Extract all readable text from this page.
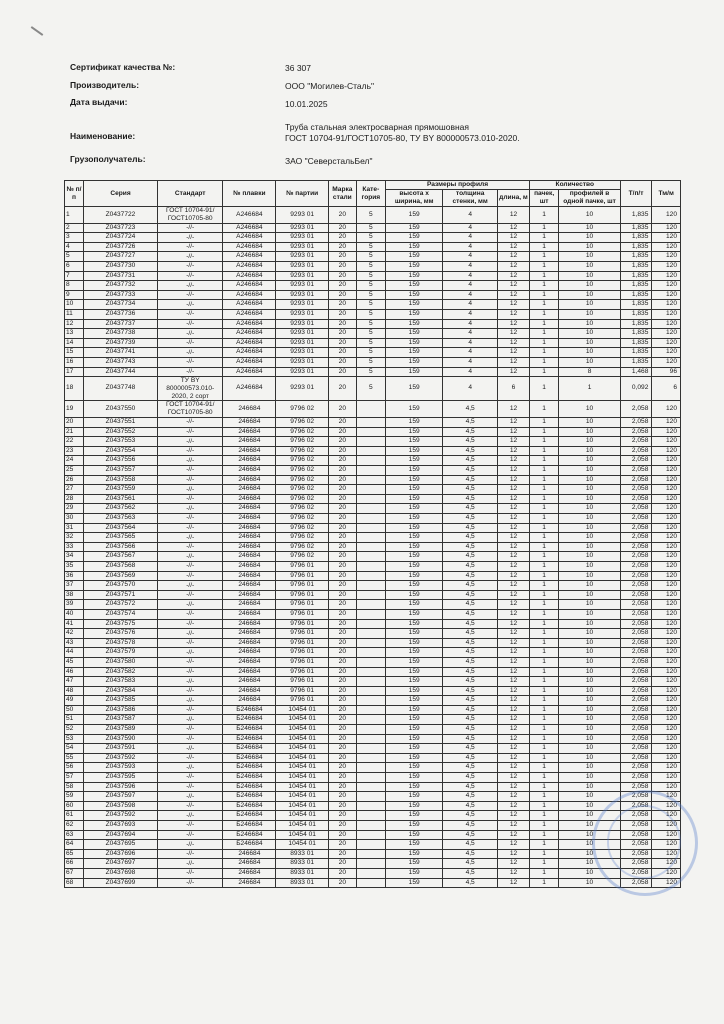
Сертификат качества №:	36 307
Производитель:	ООО "Могилев-Сталь"
Дата выдачи:	10.01.2025
Наименование:
Труба стальная электросварная прямошовная
ГОСТ 10704-91/ГОСТ10705-80, ТУ BY 800000573.010-2020.
Грузополучатель:	ЗАО "СеверстальБел"
№ п/п	Серия	Стандарт	№ плавки	№ партии	Марка стали	Кате-гория	Размеры профиля			Количество		Т/п/т	Тм/м
							высота х ширина, мм	толщина стенки, мм	длина, м	пачек, шт	профилей в одной пачке, шт		
1	Z0437722	ГОСТ 10704-91/ГОСТ10705-80	A246684	9293 01	20	5	159	4	12	1	10	1,835	120
2	Z0437723	-//-	A246684	9293 01	20	5	159	4	12	1	10	1,835	120
3	Z0437724	-//-	A246684	9293 01	20	5	159	4	12	1	10	1,835	120
4	Z0437726	-//-	A246684	9293 01	20	5	159	4	12	1	10	1,835	120
5	Z0437727	-//-	A246684	9293 01	20	5	159	4	12	1	10	1,835	120
6	Z0437730	-//-	A246684	9293 01	20	5	159	4	12	1	10	1,835	120
7	Z0437731	-//-	A246684	9293 01	20	5	159	4	12	1	10	1,835	120
8	Z0437732	-//-	A246684	9293 01	20	5	159	4	12	1	10	1,835	120
9	Z0437733	-//-	A246684	9293 01	20	5	159	4	12	1	10	1,835	120
10	Z0437734	-//-	A246684	9293 01	20	5	159	4	12	1	10	1,835	120
11	Z0437736	-//-	A246684	9293 01	20	5	159	4	12	1	10	1,835	120
12	Z0437737	-//-	A246684	9293 01	20	5	159	4	12	1	10	1,835	120
13	Z0437738	-//-	A246684	9293 01	20	5	159	4	12	1	10	1,835	120
14	Z0437739	-//-	A246684	9293 01	20	5	159	4	12	1	10	1,835	120
15	Z0437741	-//-	A246684	9293 01	20	5	159	4	12	1	10	1,835	120
16	Z0437743	-//-	A246684	9293 01	20	5	159	4	12	1	10	1,835	120
17	Z0437744	-//-	A246684	9293 01	20	5	159	4	12	1	8	1,468	96
18	Z0437748	ТУ BY 800000573.010-2020, 2 сорт	A246684	9293 01	20	5	159	4	6	1	1	0,092	6
19	Z0437550	ГОСТ 10704-91/ГОСТ10705-80	246684	9796 02	20		159	4,5	12	1	10	2,058	120
20	Z0437551	-//-	246684	9796 02	20		159	4,5	12	1	10	2,058	120
21	Z0437552	-//-	246684	9796 02	20		159	4,5	12	1	10	2,058	120
22	Z0437553	-//-	246684	9796 02	20		159	4,5	12	1	10	2,058	120
23	Z0437554	-//-	246684	9796 02	20		159	4,5	12	1	10	2,058	120
24	Z0437556	-//-	246684	9796 02	20		159	4,5	12	1	10	2,058	120
25	Z0437557	-//-	246684	9796 02	20		159	4,5	12	1	10	2,058	120
26	Z0437558	-//-	246684	9796 02	20		159	4,5	12	1	10	2,058	120
27	Z0437559	-//-	246684	9796 02	20		159	4,5	12	1	10	2,058	120
28	Z0437561	-//-	246684	9796 02	20		159	4,5	12	1	10	2,058	120
29	Z0437562	-//-	246684	9796 02	20		159	4,5	12	1	10	2,058	120
30	Z0437563	-//-	246684	9796 02	20		159	4,5	12	1	10	2,058	120
31	Z0437564	-//-	246684	9796 02	20		159	4,5	12	1	10	2,058	120
32	Z0437565	-//-	246684	9796 02	20		159	4,5	12	1	10	2,058	120
33	Z0437566	-//-	246684	9796 02	20		159	4,5	12	1	10	2,058	120
34	Z0437567	-//-	246684	9796 02	20		159	4,5	12	1	10	2,058	120
35	Z0437568	-//-	246684	9796 01	20		159	4,5	12	1	10	2,058	120
36	Z0437569	-//-	246684	9796 01	20		159	4,5	12	1	10	2,058	120
37	Z0437570	-//-	246684	9796 01	20		159	4,5	12	1	10	2,058	120
38	Z0437571	-//-	246684	9796 01	20		159	4,5	12	1	10	2,058	120
39	Z0437572	-//-	246684	9796 01	20		159	4,5	12	1	10	2,058	120
40	Z0437574	-//-	246684	9796 01	20		159	4,5	12	1	10	2,058	120
41	Z0437575	-//-	246684	9796 01	20		159	4,5	12	1	10	2,058	120
42	Z0437576	-//-	246684	9796 01	20		159	4,5	12	1	10	2,058	120
43	Z0437578	-//-	246684	9796 01	20		159	4,5	12	1	10	2,058	120
44	Z0437579	-//-	246684	9796 01	20		159	4,5	12	1	10	2,058	120
45	Z0437580	-//-	246684	9796 01	20		159	4,5	12	1	10	2,058	120
46	Z0437582	-//-	246684	9796 01	20		159	4,5	12	1	10	2,058	120
47	Z0437583	-//-	246684	9796 01	20		159	4,5	12	1	10	2,058	120
48	Z0437584	-//-	246684	9796 01	20		159	4,5	12	1	10	2,058	120
49	Z0437585	-//-	246684	9796 01	20		159	4,5	12	1	10	2,058	120
50	Z0437586	-//-	Б246684	10454 01	20		159	4,5	12	1	10	2,058	120
51	Z0437587	-//-	Б246684	10454 01	20		159	4,5	12	1	10	2,058	120
52	Z0437589	-//-	Б246684	10454 01	20		159	4,5	12	1	10	2,058	120
53	Z0437590	-//-	Б246684	10454 01	20		159	4,5	12	1	10	2,058	120
54	Z0437591	-//-	Б246684	10454 01	20		159	4,5	12	1	10	2,058	120
55	Z0437592	-//-	Б246684	10454 01	20		159	4,5	12	1	10	2,058	120
56	Z0437593	-//-	Б246684	10454 01	20		159	4,5	12	1	10	2,058	120
57	Z0437595	-//-	Б246684	10454 01	20		159	4,5	12	1	10	2,058	120
58	Z0437596	-//-	Б246684	10454 01	20		159	4,5	12	1	10	2,058	120
59	Z0437597	-//-	Б246684	10454 01	20		159	4,5	12	1	10	2,058	120
60	Z0437598	-//-	Б246684	10454 01	20		159	4,5	12	1	10	2,058	120
61	Z0437592	-//-	Б246684	10454 01	20		159	4,5	12	1	10	2,058	120
62	Z0437693	-//-	Б246684	10454 01	20		159	4,5	12	1	10	2,058	120
63	Z0437694	-//-	Б246684	10454 01	20		159	4,5	12	1	10	2,058	120
64	Z0437695	-//-	Б246684	10454 01	20		159	4,5	12	1	10	2,058	120
65	Z0437696	-//-	246684	8933 01	20		159	4,5	12	1	10	2,058	120
66	Z0437697	-//-	246684	8933 01	20		159	4,5	12	1	10	2,058	120
67	Z0437698	-//-	246684	8933 01	20		159	4,5	12	1	10	2,058	120
68	Z0437699	-//-	246684	8933 01	20		159	4,5	12	1	10	2,058	120
